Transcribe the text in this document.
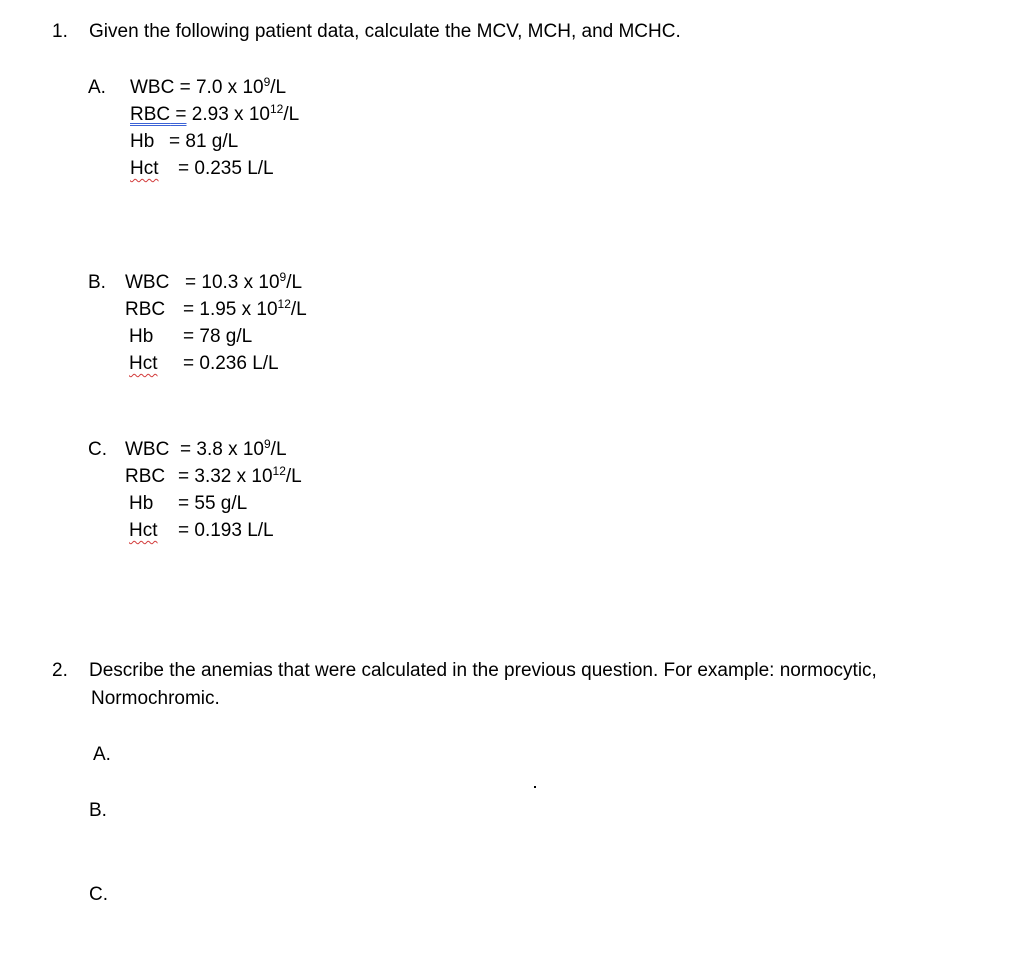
1. Given the following patient data, calculate the MCV, MCH, and MCHC.
A. WBC = 7.0 x $10^9/L$
RBC = 2.93 x $10^{12}/L$
Hb = 81 g/L
Hct = 0.235 L/L
B. WBC = 10.3 x $10^9/L$
RBC = 1.95 x $10^{12}/L$
Hb = 78 g/L
Hct = 0.236 L/L
C. WBC = 3.8 x $10^9/L$
RBC = 3.32 x $10^{12}/L$
Hb = 55 g/L
Hct = 0.193 L/L
2. Describe the anemias that were calculated in the previous question. For example: normocytic,
Normochromic.
A.
B.
C.
